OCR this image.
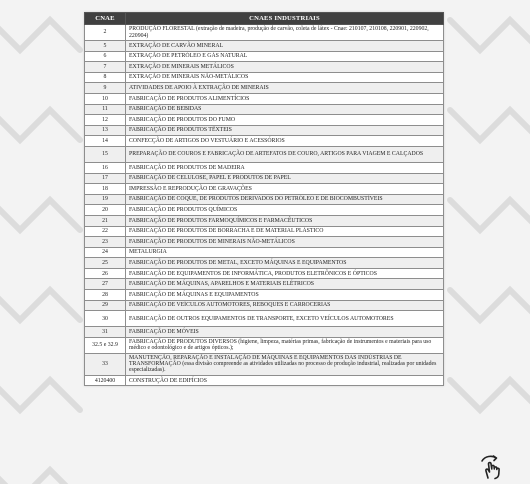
CNAE	CNAES INDUSTRIAIS
2	PRODUÇÃO FLORESTAL (extração de madeira, produção de carvão, coleta de látex - Cnae: 210107, 210108, 220901, 220902, 220904)
5	EXTRAÇÃO DE CARVÃO MINERAL
6	EXTRAÇÃO DE PETRÓLEO E GÁS NATURAL
7	EXTRAÇÃO DE MINERAIS METÁLICOS
8	EXTRAÇÃO DE MINERAIS NÃO-METÁLICOS
9	ATIVIDADES DE APOIO À EXTRAÇÃO DE MINERAIS
10	FABRICAÇÃO DE PRODUTOS ALIMENTÍCIOS
11	FABRICAÇÃO DE BEBIDAS
12	FABRICAÇÃO DE PRODUTOS DO FUMO
13	FABRICAÇÃO DE PRODUTOS TÊXTEIS
14	CONFECÇÃO DE ARTIGOS DO VESTUÁRIO E ACESSÓRIOS
15	PREPARAÇÃO DE COUROS E FABRICAÇÃO DE ARTEFATOS DE COURO, ARTIGOS PARA VIAGEM E CALÇADOS
16	FABRICAÇÃO DE PRODUTOS DE MADEIRA
17	FABRICAÇÃO DE CELULOSE, PAPEL E PRODUTOS DE PAPEL
18	IMPRESSÃO E REPRODUÇÃO DE GRAVAÇÕES
19	FABRICAÇÃO DE COQUE, DE PRODUTOS DERIVADOS DO PETRÓLEO E DE BIOCOMBUSTÍVEIS
20	FABRICAÇÃO DE PRODUTOS QUÍMICOS
21	FABRICAÇÃO DE PRODUTOS FARMOQUÍMICOS E FARMACÊUTICOS
22	FABRICAÇÃO DE PRODUTOS DE BORRACHA E DE MATERIAL PLÁSTICO
23	FABRICAÇÃO DE PRODUTOS DE MINERAIS NÃO-METÁLICOS
24	METALURGIA
25	FABRICAÇÃO DE PRODUTOS DE METAL, EXCETO MÁQUINAS E EQUIPAMENTOS
26	FABRICAÇÃO DE EQUIPAMENTOS DE INFORMÁTICA, PRODUTOS ELETRÔNICOS E ÓPTICOS
27	FABRICAÇÃO DE MÁQUINAS, APARELHOS E MATERIAIS ELÉTRICOS
28	FABRICAÇÃO DE MÁQUINAS E EQUIPAMENTOS
29	FABRICAÇÃO DE VEÍCULOS AUTOMOTORES, REBOQUES E CARROCERIAS
30	FABRICAÇÃO DE OUTROS EQUIPAMENTOS DE TRANSPORTE, EXCETO VEÍCULOS AUTOMOTORES
31	FABRICAÇÃO DE MÓVEIS
32.5 e 32.9	FABRICAÇÃO DE PRODUTOS DIVERSOS (higiene, limpeza, matérias primas, fabricação de instrumentos e materiais para uso médico e odontológico e de artigos ópticos.);
33	MANUTENÇÃO, REPARAÇÃO E INSTALAÇÃO DE MÁQUINAS E EQUIPAMENTOS DAS INDÚSTRIAS DE TRANSFORMAÇÃO (essa divisão compreende as atividades utilizadas no processo de produção industrial, realizadas por unidades especializadas).
4120400	CONSTRUÇÃO DE EDIFÍCIOS
